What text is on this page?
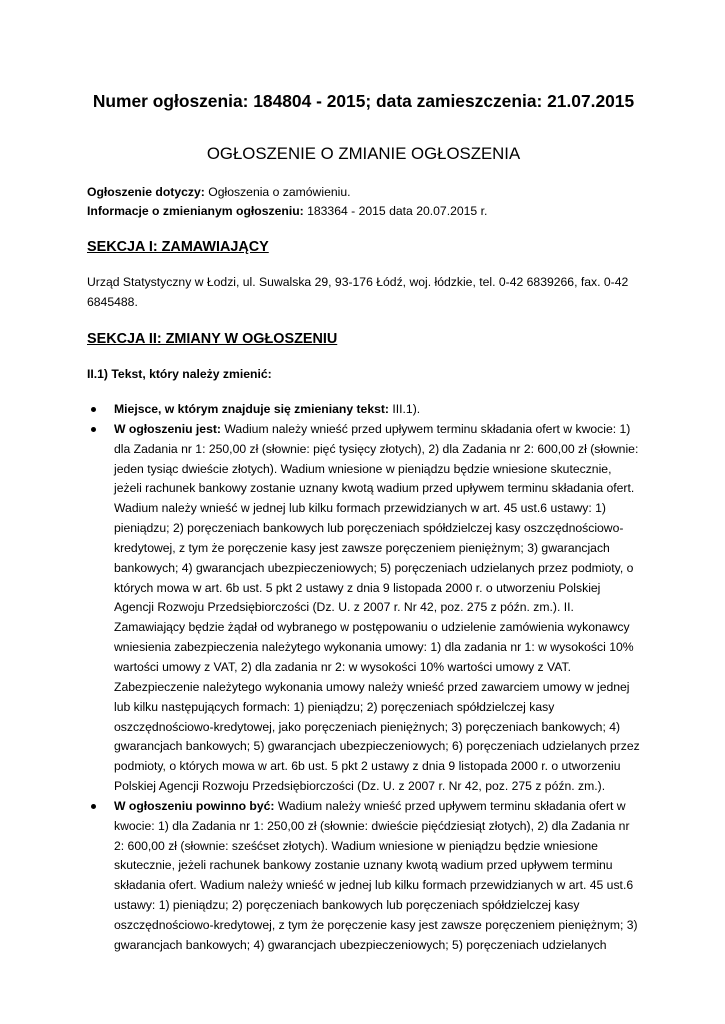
Numer ogłoszenia: 184804 - 2015; data zamieszczenia: 21.07.2015
OGŁOSZENIE O ZMIANIE OGŁOSZENIA

Ogłoszenie dotyczy: Ogłoszenia o zamówieniu.

Informacje o zmienianym ogłoszeniu: 183364 - 2015 data 20.07.2015 r.

SEKCJA I: ZAMAWIAJĄCY

Urząd Statystyczny w Łodzi, ul. Suwalska 29, 93-176 Łódź, woj. łódzkie, tel. 0-42 6839266, fax. 0-42 6845488.

SEKCJA II: ZMIANY W OGŁOSZENIU

II.1) Tekst, który należy zmienić:

Miejsce, w którym znajduje się zmieniany tekst: III.1).
W ogłoszeniu jest: Wadium należy wnieść przed upływem terminu składania ofert w kwocie: 1) dla Zadania nr 1: 250,00 zł (słownie: pięć tysięcy złotych), 2) dla Zadania nr 2: 600,00 zł (słownie: jeden tysiąc dwieście złotych). Wadium wniesione w pieniądzu będzie wniesione skutecznie, jeżeli rachunek bankowy zostanie uznany kwotą wadium przed upływem terminu składania ofert. Wadium należy wnieść w jednej lub kilku formach przewidzianych w art. 45 ust.6 ustawy: 1) pieniądzu; 2) poręczeniach bankowych lub poręczeniach spółdzielczej kasy oszczędnościowo-kredytowej, z tym że poręczenie kasy jest zawsze poręczeniem pieniężnym; 3) gwarancjach bankowych; 4) gwarancjach ubezpieczeniowych; 5) poręczeniach udzielanych przez podmioty, o których mowa w art. 6b ust. 5 pkt 2 ustawy z dnia 9 listopada 2000 r. o utworzeniu Polskiej Agencji Rozwoju Przedsiębiorczości (Dz. U. z 2007 r. Nr 42, poz. 275 z późn. zm.). II. Zamawiający będzie żądał od wybranego w postępowaniu o udzielenie zamówienia wykonawcy wniesienia zabezpieczenia należytego wykonania umowy: 1) dla zadania nr 1: w wysokości 10% wartości umowy z VAT, 2) dla zadania nr 2: w wysokości 10% wartości umowy z VAT. Zabezpieczenie należytego wykonania umowy należy wnieść przed zawarciem umowy w jednej lub kilku następujących formach: 1) pieniądzu; 2) poręczeniach spółdzielczej kasy oszczędnościowo-kredytowej, jako poręczeniach pieniężnych; 3) poręczeniach bankowych; 4) gwarancjach bankowych; 5) gwarancjach ubezpieczeniowych; 6) poręczeniach udzielanych przez podmioty, o których mowa w art. 6b ust. 5 pkt 2 ustawy z dnia 9 listopada 2000 r. o utworzeniu Polskiej Agencji Rozwoju Przedsiębiorczości (Dz. U. z 2007 r. Nr 42, poz. 275 z późn. zm.).
W ogłoszeniu powinno być: Wadium należy wnieść przed upływem terminu składania ofert w kwocie: 1) dla Zadania nr 1: 250,00 zł (słownie: dwieście pięćdziesiąt złotych), 2) dla Zadania nr 2: 600,00 zł (słownie: sześćset złotych). Wadium wniesione w pieniądzu będzie wniesione skutecznie, jeżeli rachunek bankowy zostanie uznany kwotą wadium przed upływem terminu składania ofert. Wadium należy wnieść w jednej lub kilku formach przewidzianych w art. 45 ust.6 ustawy: 1) pieniądzu; 2) poręczeniach bankowych lub poręczeniach spółdzielczej kasy oszczędnościowo-kredytowej, z tym że poręczenie kasy jest zawsze poręczeniem pieniężnym; 3) gwarancjach bankowych; 4) gwarancjach ubezpieczeniowych; 5) poręczeniach udzielanych
